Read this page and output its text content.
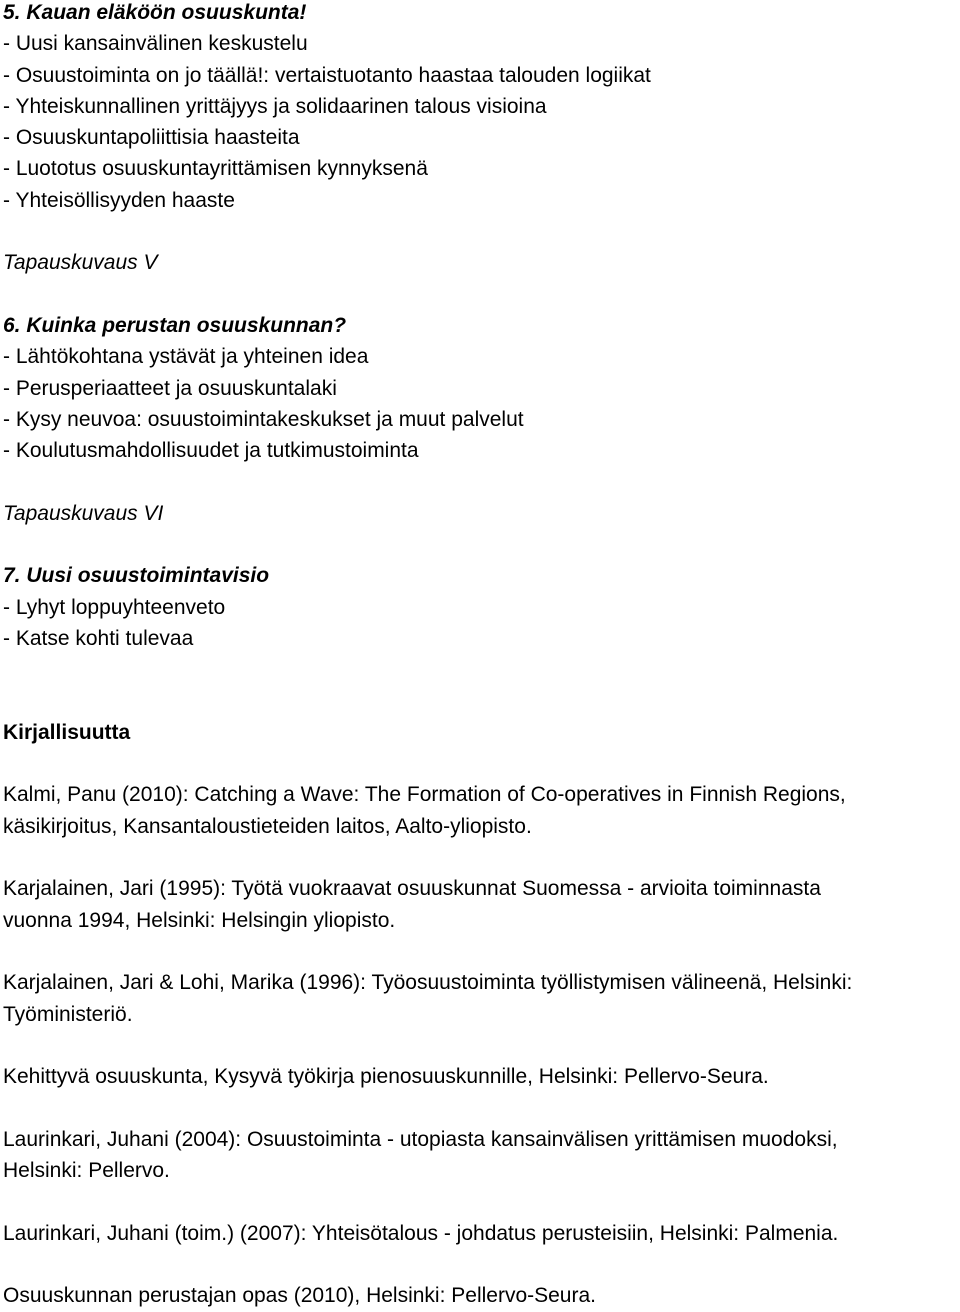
5. Kauan eläköön osuuskunta!
- Uusi kansainvälinen keskustelu
- Osuustoiminta on jo täällä!: vertaistuotanto haastaa talouden logiikat
- Yhteiskunnallinen yrittäjyys ja solidaarinen talous visioina
- Osuuskuntapoliittisia haasteita
- Luototus osuuskuntayrittämisen kynnyksenä
- Yhteisöllisyyden haaste
Tapauskuvaus V
6. Kuinka perustan osuuskunnan?
- Lähtökohtana ystävät ja yhteinen idea
- Perusperiaatteet ja osuuskuntalaki
- Kysy neuvoa: osuustoimintakeskukset ja muut palvelut
- Koulutusmahdollisuudet ja tutkimustoiminta
Tapauskuvaus VI
7. Uusi osuustoimintavisio
- Lyhyt loppuyhteenveto
- Katse kohti tulevaa
Kirjallisuutta
Kalmi, Panu (2010): Catching a Wave: The Formation of Co-operatives in Finnish Regions,
käsikirjoitus, Kansantaloustieteiden laitos, Aalto-yliopisto.
Karjalainen, Jari (1995): Työtä vuokraavat osuuskunnat Suomessa - arvioita toiminnasta
vuonna 1994, Helsinki: Helsingin yliopisto.
Karjalainen, Jari & Lohi, Marika (1996): Työosuustoiminta työllistymisen välineenä, Helsinki:
Työministeriö.
Kehittyvä osuuskunta, Kysyvä työkirja pienosuuskunnille, Helsinki: Pellervo-Seura.
Laurinkari, Juhani (2004): Osuustoiminta - utopiasta kansainvälisen yrittämisen muodoksi,
Helsinki: Pellervo.
Laurinkari, Juhani (toim.) (2007): Yhteisötalous - johdatus perusteisiin, Helsinki: Palmenia.
Osuuskunnan perustajan opas (2010), Helsinki: Pellervo-Seura.
